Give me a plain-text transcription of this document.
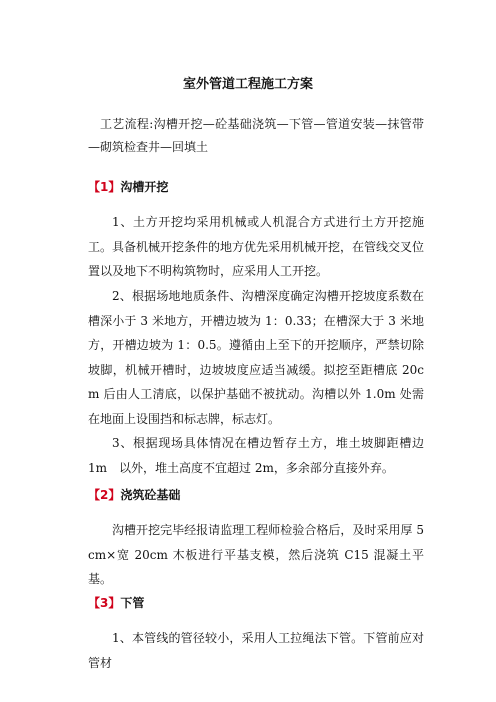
室外管道工程施工方案
工艺流程:沟槽开挖—砼基础浇筑—下管—管道安装—抹管带—砌筑检查井—回填土
【1】沟槽开挖
1、土方开挖均采用机械或人机混合方式进行土方开挖施工。具备机械开挖条件的地方优先采用机械开挖，在管线交叉位置以及地下不明构筑物时，应采用人工开挖。
2、根据场地地质条件、沟槽深度确定沟槽开挖坡度系数在槽深小于 3 米地方，开槽边坡为 1：0.33；在槽深大于 3 米地方，开槽边坡为 1：0.5。遵循由上至下的开挖顺序，严禁切除坡脚，机械开槽时，边坡坡度应适当减缓。拟挖至距槽底 20cm 后由人工清底，以保护基础不被扰动。沟槽以外 1.0m 处需在地面上设围挡和标志牌，标志灯。
3、根据现场具体情况在槽边暂存土方，堆土坡脚距槽边　1m　以外，堆土高度不宜超过 2m，多余部分直接外弃。
【2】浇筑砼基础
沟槽开挖完毕经报请监理工程师检验合格后，及时采用厚 5cm×宽 20cm 木板进行平基支模，然后浇筑 C15 混凝土平基。
【3】下管
1、本管线的管径较小，采用人工拉绳法下管。下管前应对管材
